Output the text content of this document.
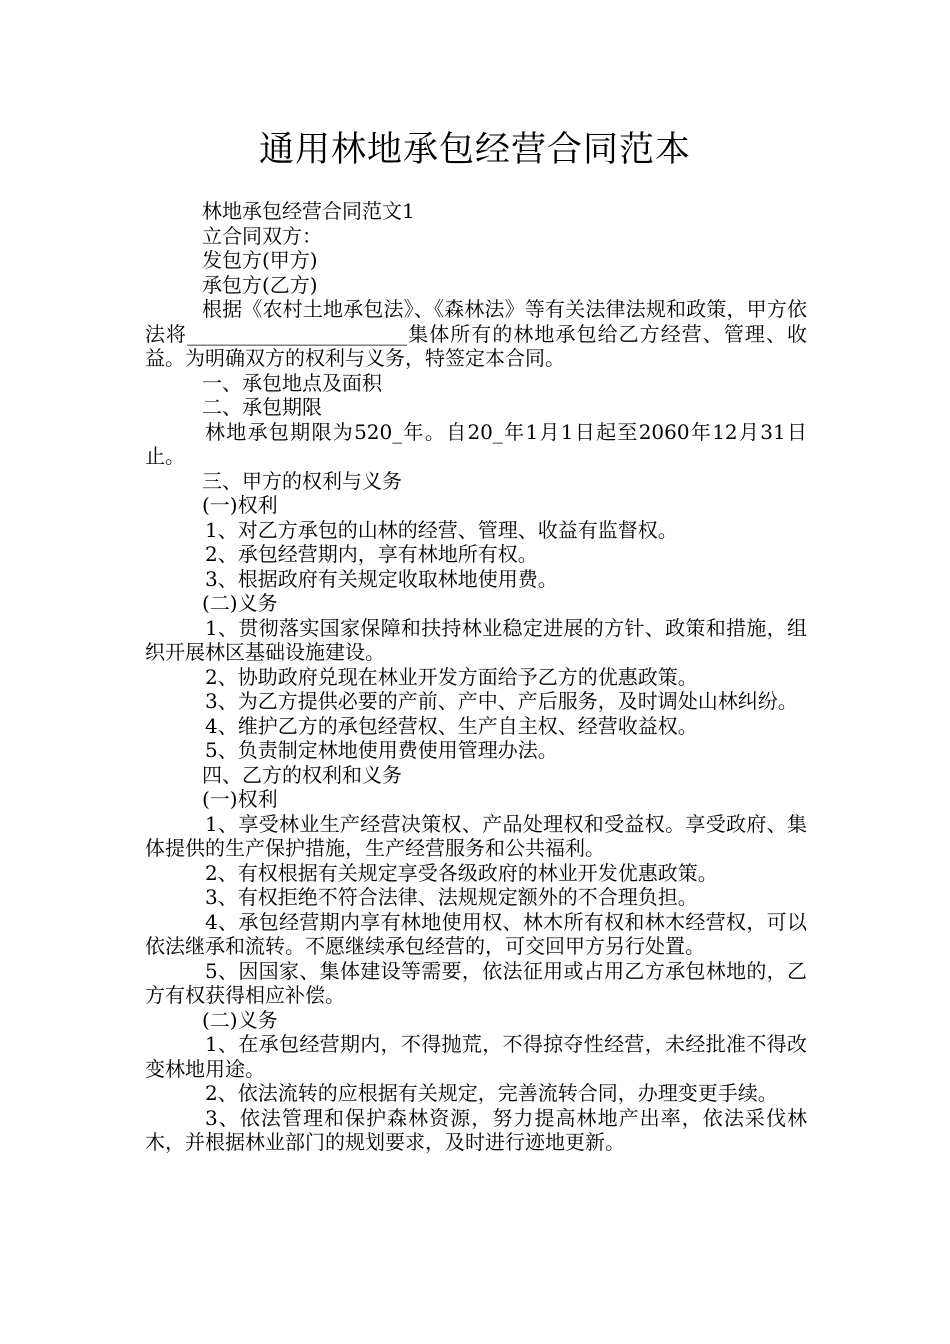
通用林地承包经营合同范本

林地承包经营合同范文1

立合同双方：

发包方(甲方)

承包方(乙方)

根据《农村土地承包法》、《森林法》等有关法律法规和政策，甲方依法将______________________集体所有的林地承包给乙方经营、管理、收益。为明确双方的权利与义务，特签定本合同。

一、承包地点及面积

二、承包期限

林地承包期限为520_年。自20_年1月1日起至2060年12月31日止。

三、甲方的权利与义务

(一)权利

1、对乙方承包的山林的经营、管理、收益有监督权。

2、承包经营期内，享有林地所有权。

3、根据政府有关规定收取林地使用费。

(二)义务

1、贯彻落实国家保障和扶持林业稳定进展的方针、政策和措施，组织开展林区基础设施建设。

2、协助政府兑现在林业开发方面给予乙方的优惠政策。

3、为乙方提供必要的产前、产中、产后服务，及时调处山林纠纷。

4、维护乙方的承包经营权、生产自主权、经营收益权。

5、负责制定林地使用费使用管理办法。

四、乙方的权利和义务

(一)权利

1、享受林业生产经营决策权、产品处理权和受益权。享受政府、集体提供的生产保护措施，生产经营服务和公共福利。

2、有权根据有关规定享受各级政府的林业开发优惠政策。

3、有权拒绝不符合法律、法规规定额外的不合理负担。

4、承包经营期内享有林地使用权、林木所有权和林木经营权，可以依法继承和流转。不愿继续承包经营的，可交回甲方另行处置。

5、因国家、集体建设等需要，依法征用或占用乙方承包林地的，乙方有权获得相应补偿。

(二)义务

1、在承包经营期内，不得抛荒，不得掠夺性经营，未经批准不得改变林地用途。

2、依法流转的应根据有关规定，完善流转合同，办理变更手续。

3、依法管理和保护森林资源，努力提高林地产出率，依法采伐林木，并根据林业部门的规划要求，及时进行迹地更新。
